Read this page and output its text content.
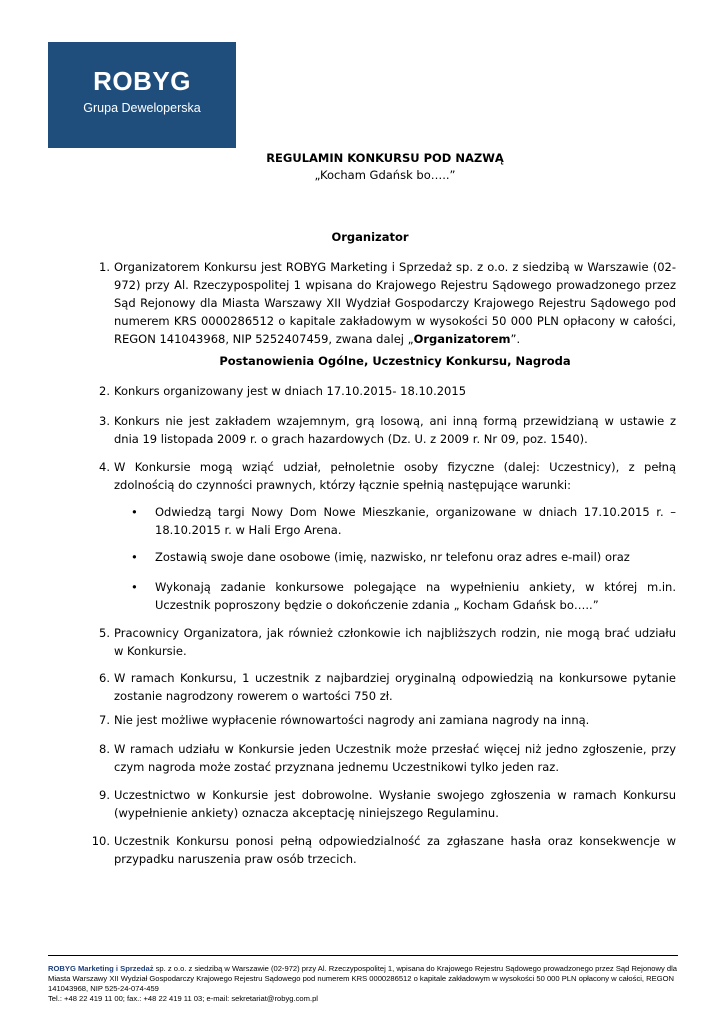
ROBYG
Grupa Deweloperska
REGULAMIN KONKURSU POD NAZWĄ
„Kocham Gdańsk bo…..”
Organizator
1. Organizatorem Konkursu jest ROBYG Marketing i Sprzedaż sp. z o.o. z siedzibą w Warszawie (02-972) przy Al. Rzeczypospolitej 1 wpisana do Krajowego Rejestru Sądowego prowadzonego przez Sąd Rejonowy dla Miasta Warszawy XII Wydział Gospodarczy Krajowego Rejestru Sądowego pod numerem KRS 0000286512 o kapitale zakładowym w wysokości 50 000 PLN opłacony w całości, REGON 141043968, NIP 5252407459, zwana dalej „Organizatorem”.
Postanowienia Ogólne, Uczestnicy Konkursu, Nagroda
2. Konkurs organizowany jest w dniach 17.10.2015- 18.10.2015
3. Konkurs nie jest zakładem wzajemnym, grą losową, ani inną formą przewidzianą w ustawie z dnia 19 listopada 2009 r. o grach hazardowych (Dz. U. z 2009 r. Nr 09, poz. 1540).
4. W Konkursie mogą wziąć udział, pełnoletnie osoby fizyczne (dalej: Uczestnicy), z pełną zdolnością do czynności prawnych, którzy łącznie spełnią następujące warunki:
• Odwiedzą targi Nowy Dom Nowe Mieszkanie, organizowane w dniach 17.10.2015 r. – 18.10.2015 r. w Hali Ergo Arena.
• Zostawią swoje dane osobowe (imię, nazwisko, nr telefonu oraz adres e-mail) oraz
• Wykonają zadanie konkursowe polegające na wypełnieniu ankiety, w której m.in. Uczestnik poproszony będzie o dokończenie zdania „ Kocham Gdańsk bo…..”
5. Pracownicy Organizatora, jak również członkowie ich najbliższych rodzin, nie mogą brać udziału w Konkursie.
6. W ramach Konkursu, 1 uczestnik z najbardziej oryginalną odpowiedzią na konkursowe pytanie zostanie nagrodzony rowerem o wartości 750 zł.
7. Nie jest możliwe wypłacenie równowartości nagrody ani zamiana nagrody na inną.
8. W ramach udziału w Konkursie jeden Uczestnik może przesłać więcej niż jedno zgłoszenie, przy czym nagroda może zostać przyznana jednemu Uczestnikowi tylko jeden raz.
9. Uczestnictwo w Konkursie jest dobrowolne. Wysłanie swojego zgłoszenia w ramach Konkursu (wypełnienie ankiety) oznacza akceptację niniejszego Regulaminu.
10. Uczestnik Konkursu ponosi pełną odpowiedzialność za zgłaszane hasła oraz konsekwencje w przypadku naruszenia praw osób trzecich.
ROBYG Marketing i Sprzedaż sp. z o.o. z siedzibą w Warszawie (02-972) przy Al. Rzeczypospolitej 1, wpisana do Krajowego Rejestru Sądowego prowadzonego przez Sąd Rejonowy dla Miasta Warszawy XII Wydział Gospodarczy Krajowego Rejestru Sądowego pod numerem KRS 0000286512 o kapitale zakładowym w wysokości 50 000 PLN opłacony w całości, REGON 141043968, NIP 525-24-074-459
Tel.: +48 22 419 11 00; fax.: +48 22 419 11 03; e-mail: sekretariat@robyg.com.pl
